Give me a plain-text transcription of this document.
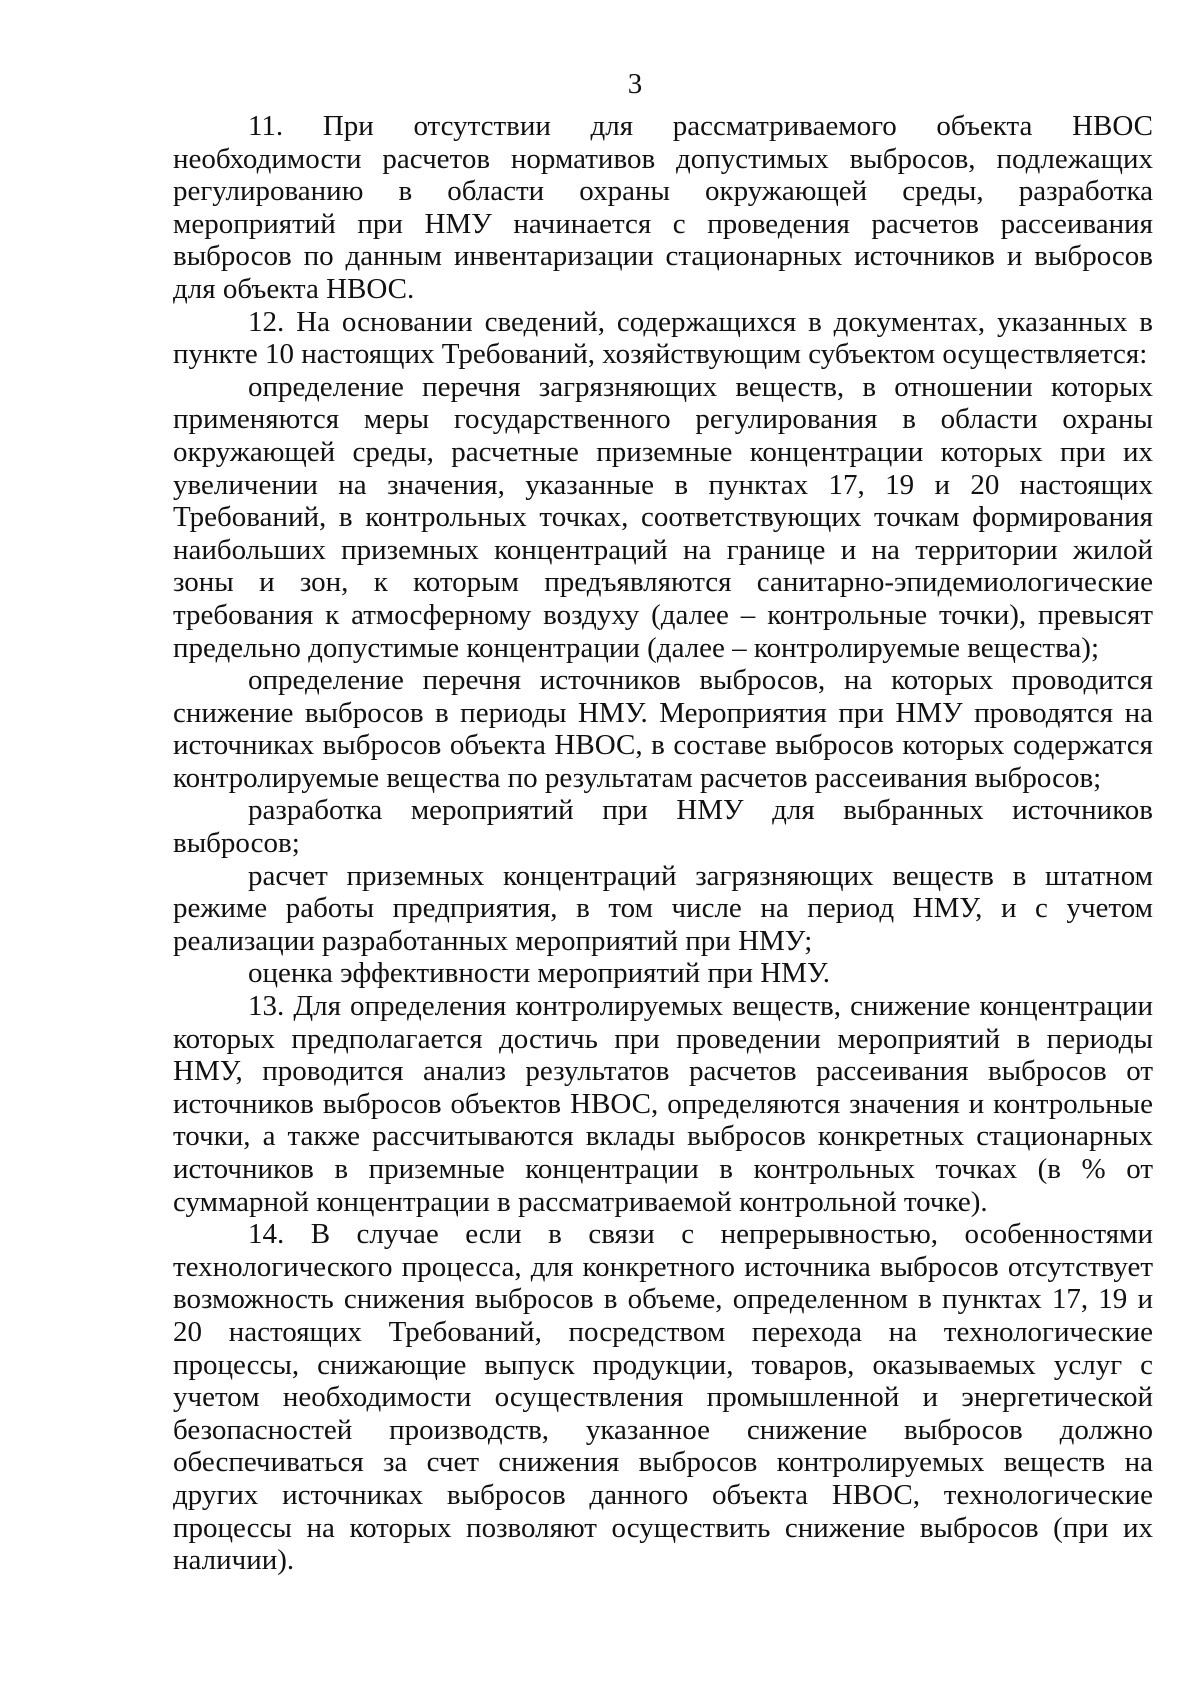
3

11. При отсутствии для рассматриваемого объекта НВОС необходимости расчетов нормативов допустимых выбросов, подлежащих регулированию в области охраны окружающей среды, разработка мероприятий при НМУ начинается с проведения расчетов рассеивания выбросов по данным инвентаризации стационарных источников и выбросов для объекта НВОС.

12. На основании сведений, содержащихся в документах, указанных в пункте 10 настоящих Требований, хозяйствующим субъектом осуществляется:

определение перечня загрязняющих веществ, в отношении которых применяются меры государственного регулирования в области охраны окружающей среды, расчетные приземные концентрации которых при их увеличении на значения, указанные в пунктах 17, 19 и 20 настоящих Требований, в контрольных точках, соответствующих точкам формирования наибольших приземных концентраций на границе и на территории жилой зоны и зон, к которым предъявляются санитарно-эпидемиологические требования к атмосферному воздуху (далее – контрольные точки), превысят предельно допустимые концентрации (далее – контролируемые вещества);

определение перечня источников выбросов, на которых проводится снижение выбросов в периоды НМУ. Мероприятия при НМУ проводятся на источниках выбросов объекта НВОС, в составе выбросов которых содержатся контролируемые вещества по результатам расчетов рассеивания выбросов;

разработка мероприятий при НМУ для выбранных источников выбросов;

расчет приземных концентраций загрязняющих веществ в штатном режиме работы предприятия, в том числе на период НМУ, и с учетом реализации разработанных мероприятий при НМУ;

оценка эффективности мероприятий при НМУ.

13. Для определения контролируемых веществ, снижение концентрации которых предполагается достичь при проведении мероприятий в периоды НМУ, проводится анализ результатов расчетов рассеивания выбросов от источников выбросов объектов НВОС, определяются значения и контрольные точки, а также рассчитываются вклады выбросов конкретных стационарных источников в приземные концентрации в контрольных точках (в % от суммарной концентрации в рассматриваемой контрольной точке).

14. В случае если в связи с непрерывностью, особенностями технологического процесса, для конкретного источника выбросов отсутствует возможность снижения выбросов в объеме, определенном в пунктах 17, 19 и 20 настоящих Требований, посредством перехода на технологические процессы, снижающие выпуск продукции, товаров, оказываемых услуг с учетом необходимости осуществления промышленной и энергетической безопасностей производств, указанное снижение выбросов должно обеспечиваться за счет снижения выбросов контролируемых веществ на других источниках выбросов данного объекта НВОС, технологические процессы на которых позволяют осуществить снижение выбросов (при их наличии).
